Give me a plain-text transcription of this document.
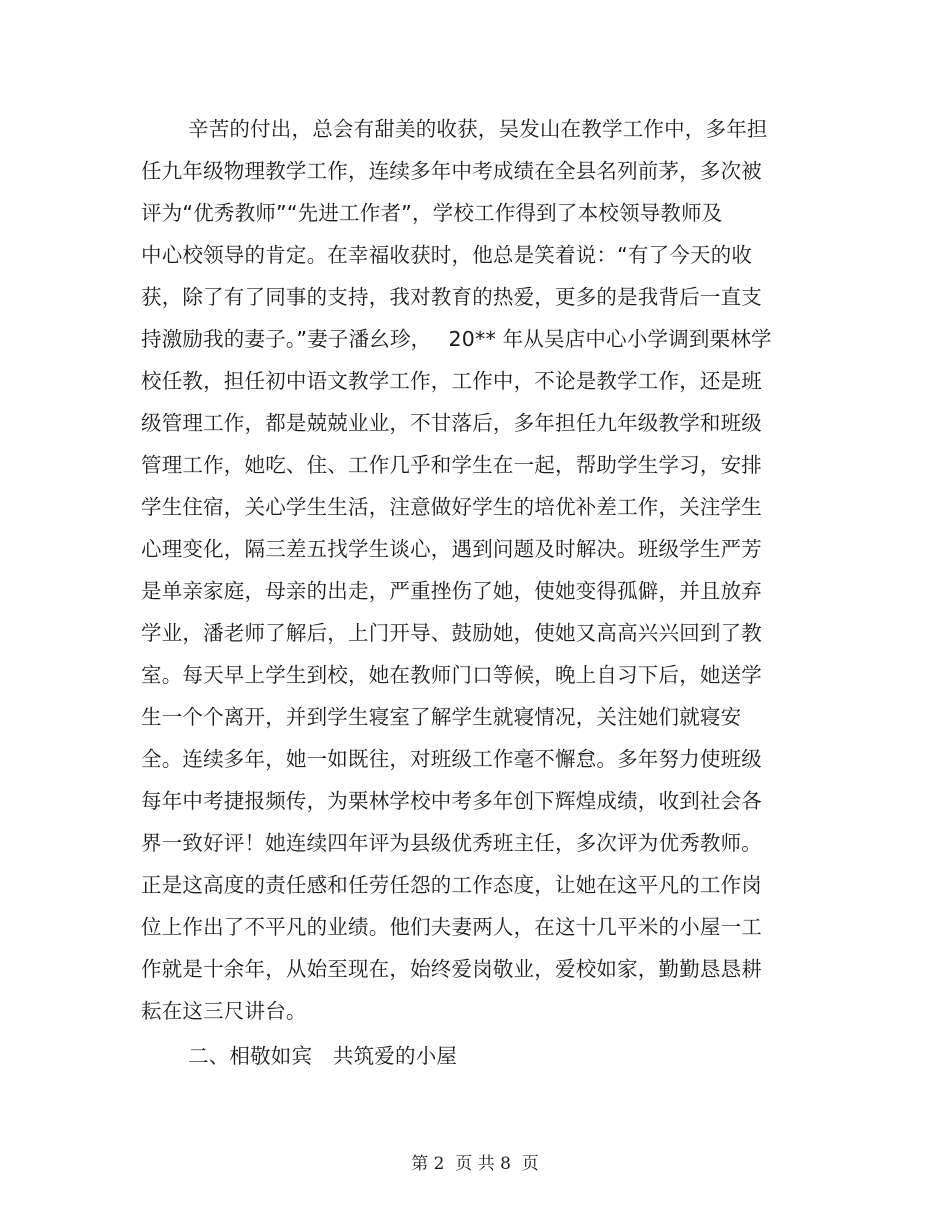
辛苦的付出，总会有甜美的收获，吴发山在教学工作中，多年担
任九年级物理教学工作，连续多年中考成绩在全县名列前茅，多次被
评为“优秀教师”“先进工作者”，学校工作得到了本校领导教师及
中心校领导的肯定。在幸福收获时，他总是笑着说：“有了今天的收
获，除了有了同事的支持，我对教育的热爱，更多的是我背后一直支
持激励我的妻子。”妻子潘幺珍，　 20** 年从吴店中心小学调到栗林学
校任教，担任初中语文教学工作，工作中，不论是教学工作，还是班
级管理工作，都是兢兢业业，不甘落后，多年担任九年级教学和班级
管理工作，她吃、住、工作几乎和学生在一起，帮助学生学习，安排
学生住宿，关心学生生活，注意做好学生的培优补差工作，关注学生
心理变化，隔三差五找学生谈心，遇到问题及时解决。班级学生严芳
是单亲家庭，母亲的出走，严重挫伤了她，使她变得孤僻，并且放弃
学业，潘老师了解后，上门开导、鼓励她，使她又高高兴兴回到了教
室。每天早上学生到校，她在教师门口等候，晚上自习下后，她送学
生一个个离开，并到学生寝室了解学生就寝情况，关注她们就寝安
全。连续多年，她一如既往，对班级工作毫不懈怠。多年努力使班级
每年中考捷报频传，为栗林学校中考多年创下辉煌成绩，收到社会各
界一致好评！她连续四年评为县级优秀班主任，多次评为优秀教师。
正是这高度的责任感和任劳任怨的工作态度，让她在这平凡的工作岗
位上作出了不平凡的业绩。他们夫妻两人，在这十几平米的小屋一工
作就是十余年，从始至现在，始终爱岗敬业，爱校如家，勤勤恳恳耕
耘在这三尺讲台。
二、相敬如宾　共筑爱的小屋
第 2  页 共 8  页
